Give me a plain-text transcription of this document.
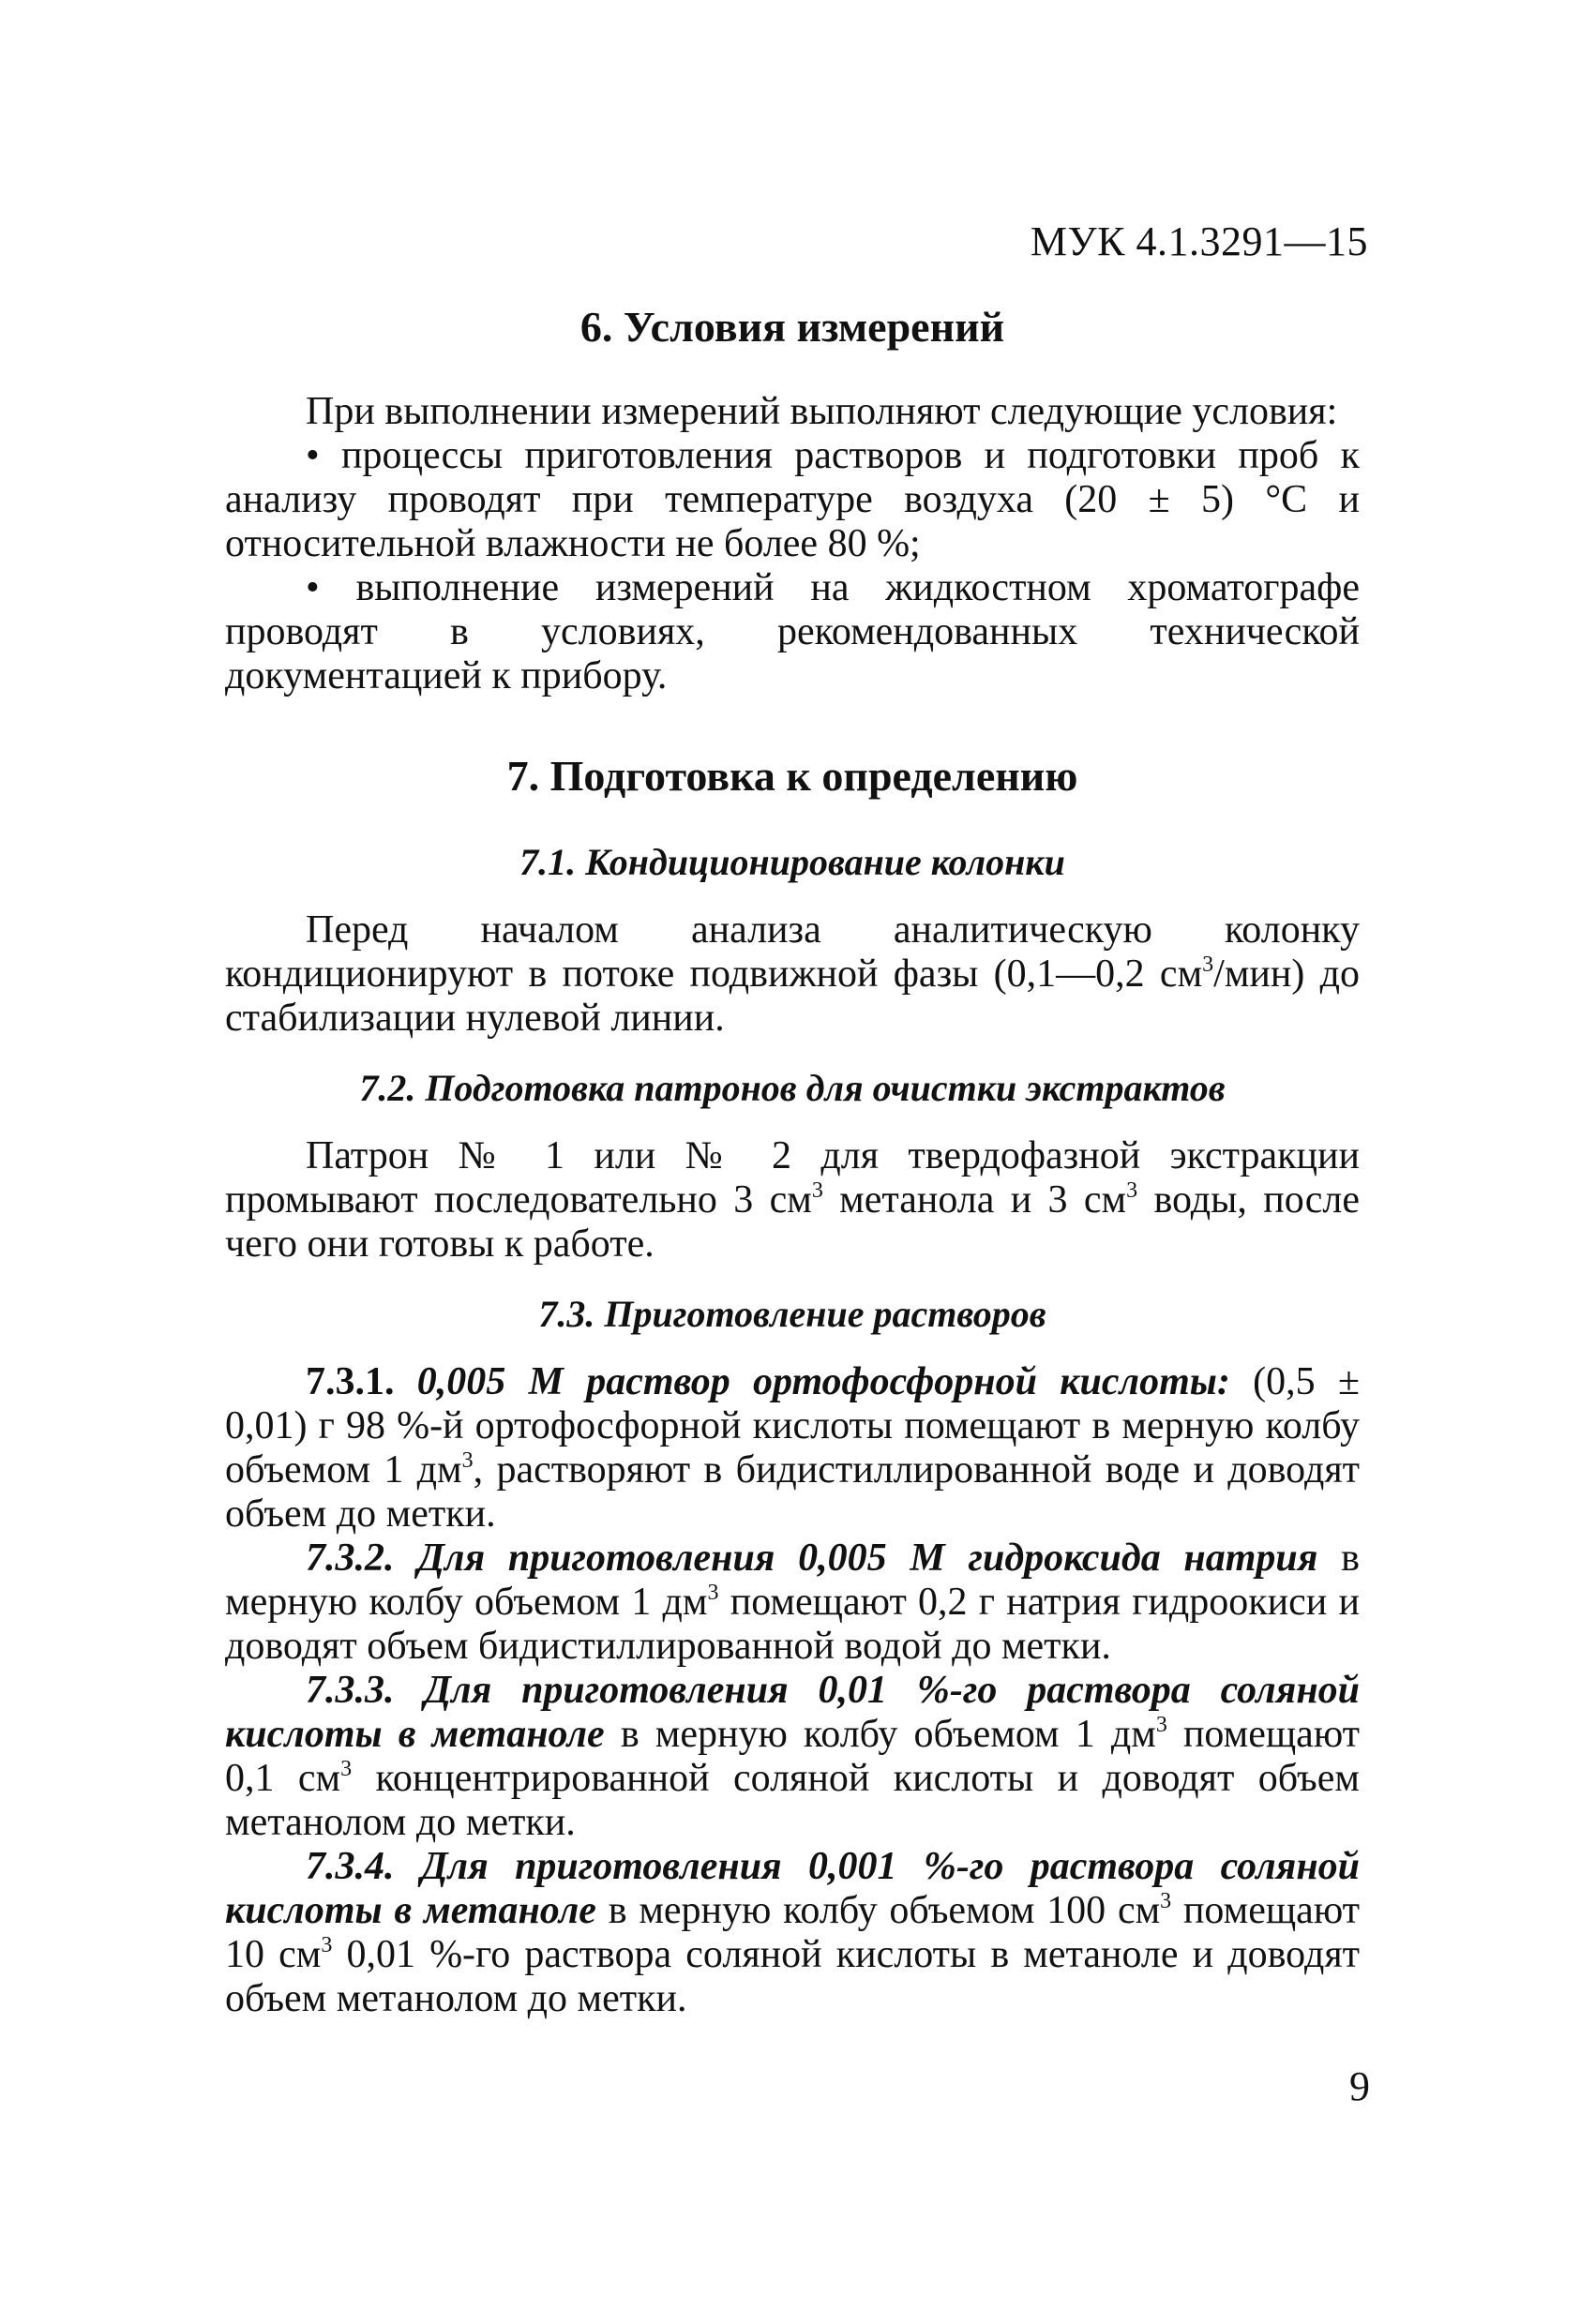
МУК 4.1.3291—15
6. Условия измерений

При выполнении измерений выполняют следующие условия:

• процессы приготовления растворов и подготовки проб к анализу проводят при температуре воздуха (20 ± 5) °С и относительной влажности не более 80 %;

• выполнение измерений на жидкостном хроматографе проводят в условиях, рекомендованных технической документацией к прибору.

7. Подготовка к определению
7.1. Кондиционирование колонки

Перед началом анализа аналитическую колонку кондиционируют в потоке подвижной фазы (0,1—0,2 $см^3/мин$) до стабилизации нулевой линии.

7.2. Подготовка патронов для очистки экстрактов

Патрон № 1 или № 2 для твердофазной экстракции промывают последовательно 3 $см^3$ метанола и 3 $см^3$ воды, после чего они готовы к работе.

7.3. Приготовление растворов

7.3.1. 0,005 М раствор ортофосфорной кислоты: (0,5 ± 0,01) г 98 %-й ортофосфорной кислоты помещают в мерную колбу объемом 1 $дм^3$, растворяют в бидистиллированной воде и доводят объем до метки.

7.3.2. Для приготовления 0,005 М гидроксида натрия в мерную колбу объемом 1 $дм^3$ помещают 0,2 г натрия гидроокиси и доводят объем бидистиллированной водой до метки.

7.3.3. Для приготовления 0,01 %-го раствора соляной кислоты в метаноле в мерную колбу объемом 1 $дм^3$ помещают 0,1 $см^3$ концентрированной соляной кислоты и доводят объем метанолом до метки.

7.3.4. Для приготовления 0,001 %-го раствора соляной кислоты в метаноле в мерную колбу объемом 100 $см^3$ помещают 10 $см^3$ 0,01 %-го раствора соляной кислоты в метаноле и доводят объем метанолом до метки.

9
